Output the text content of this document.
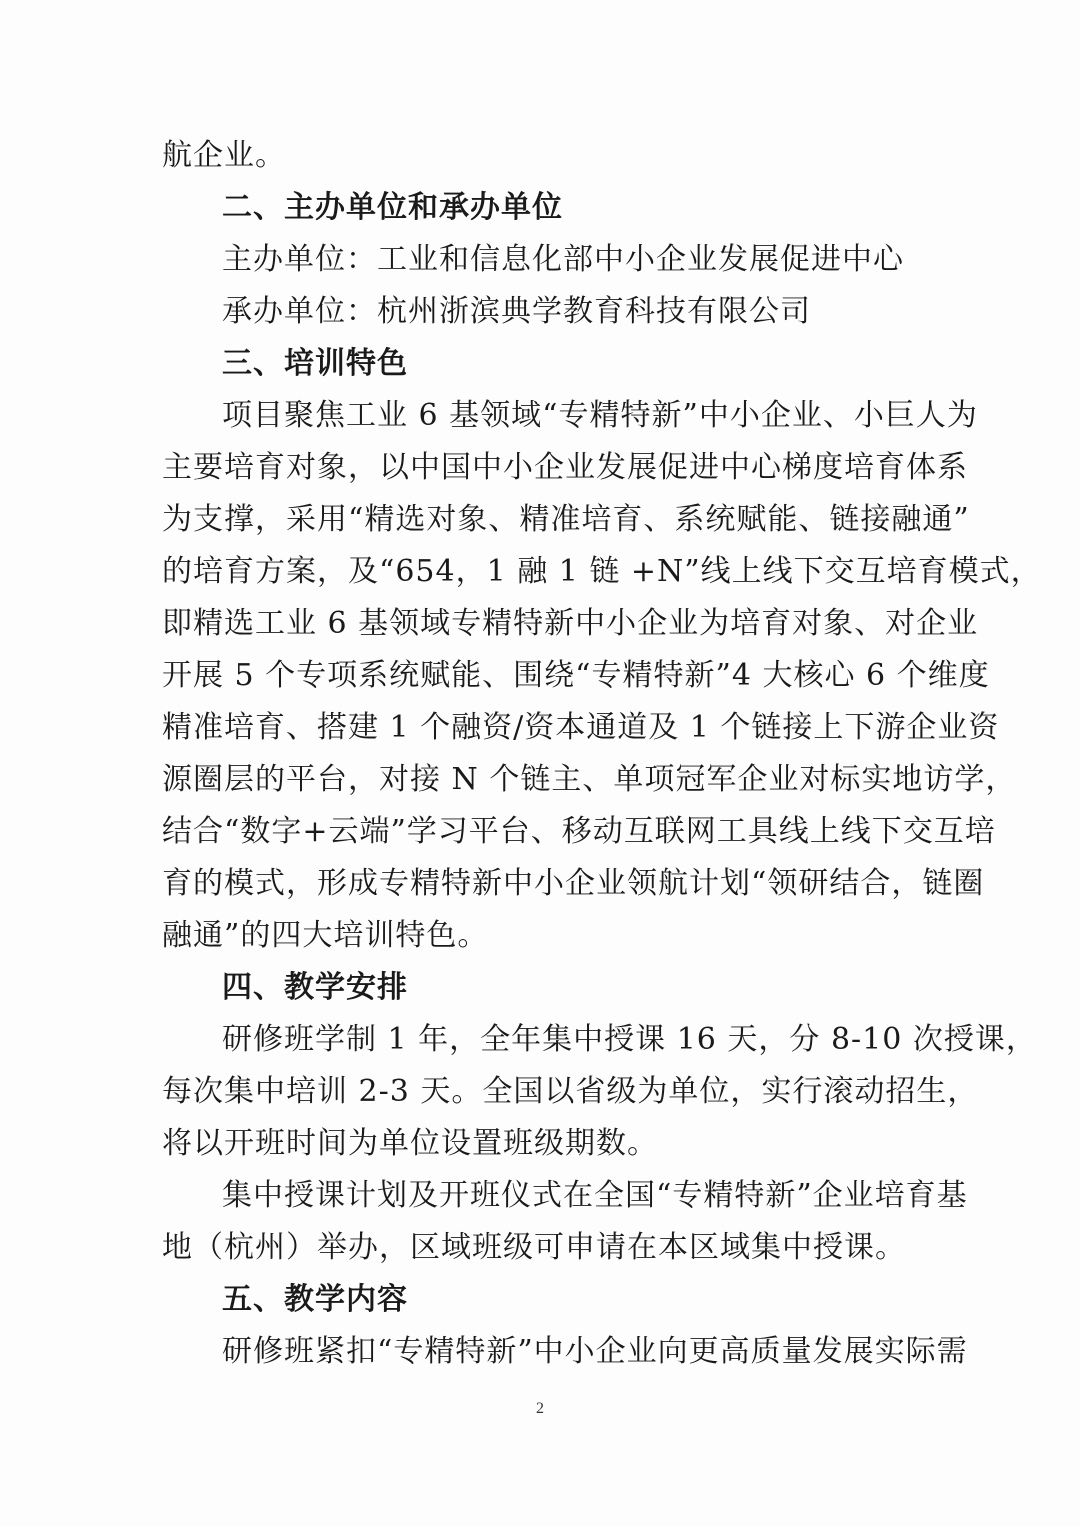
航企业。
二、主办单位和承办单位
主办单位：工业和信息化部中小企业发展促进中心
承办单位：杭州浙滨典学教育科技有限公司
三、培训特色
项目聚焦工业 6 基领域“专精特新”中小企业、小巨人为
主要培育对象，以中国中小企业发展促进中心梯度培育体系
为支撑，采用“精选对象、精准培育、系统赋能、链接融通”
的培育方案，及“654，1 融 1 链 +N”线上线下交互培育模式，
即精选工业 6 基领域专精特新中小企业为培育对象、对企业
开展 5 个专项系统赋能、围绕“专精特新”4 大核心 6 个维度
精准培育、搭建 1 个融资/资本通道及 1 个链接上下游企业资
源圈层的平台，对接 N 个链主、单项冠军企业对标实地访学，
结合“数字+云端”学习平台、移动互联网工具线上线下交互培
育的模式，形成专精特新中小企业领航计划“领研结合，链圈
融通”的四大培训特色。
四、教学安排
研修班学制 1 年，全年集中授课 16 天，分 8-10 次授课，
每次集中培训 2-3 天。全国以省级为单位，实行滚动招生，
将以开班时间为单位设置班级期数。
集中授课计划及开班仪式在全国“专精特新”企业培育基
地（杭州）举办，区域班级可申请在本区域集中授课。
五、教学内容
研修班紧扣“专精特新”中小企业向更高质量发展实际需
2
